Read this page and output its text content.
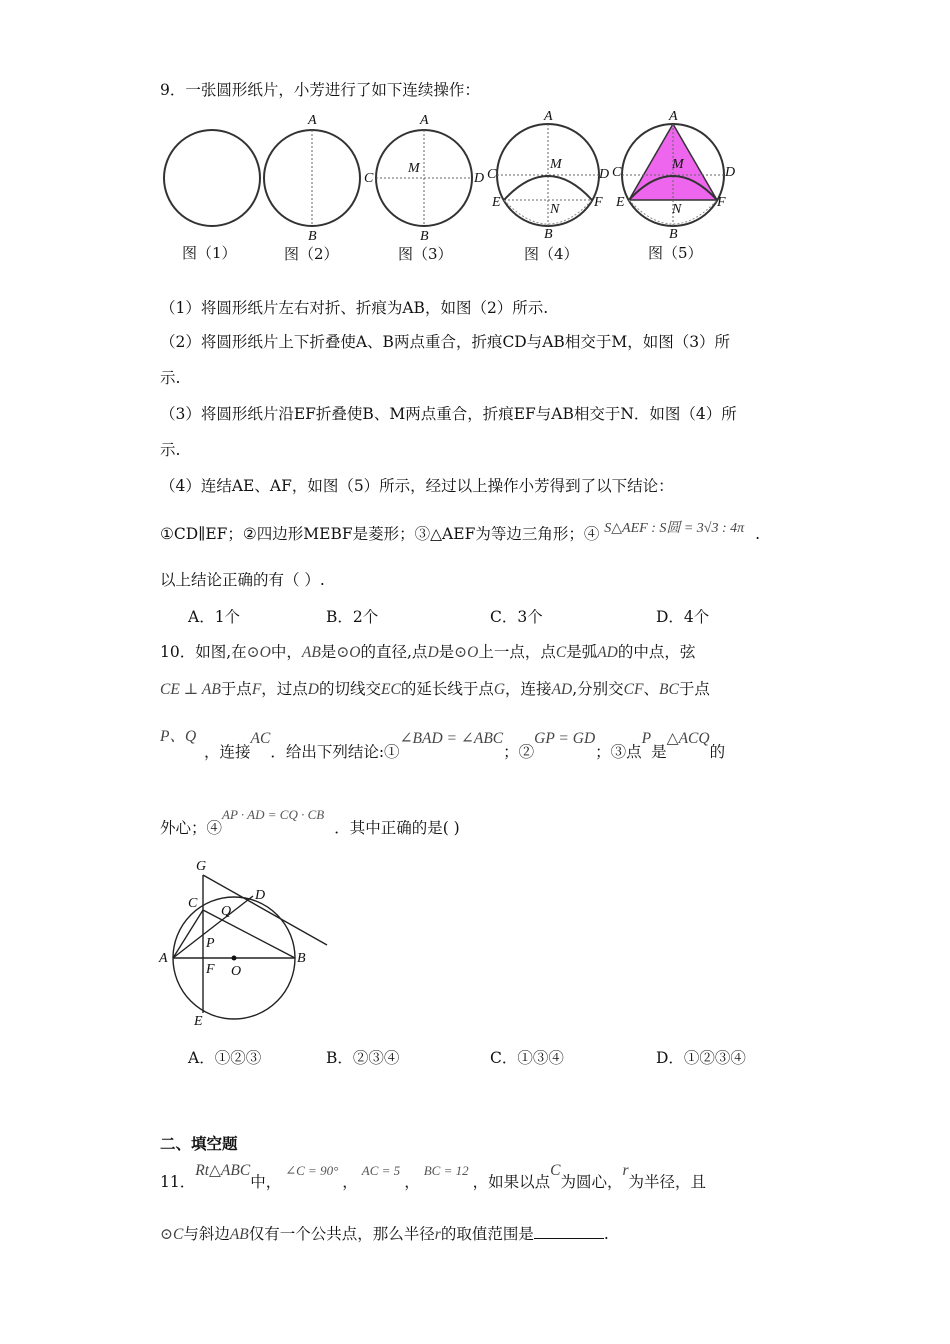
9．一张圆形纸片，小芳进行了如下连续操作：
A
B
A
M
C	D
B
A
M
C	D
E	N F
B
A
M
C	D
E	N	F
B
图（1）	图（2）	图（3）	图（4）	图（5）
（1）将圆形纸片左右对折、折痕为AB，如图（2）所示.
（2）将圆形纸片上下折叠使A、B两点重合，折痕CD与AB相交于M，如图（3）所
示.
（3）将圆形纸片沿EF折叠使B、M两点重合，折痕EF与AB相交于N．如图（4）所
示.
（4）连结AE、AF，如图（5）所示，经过以上操作小芳得到了以下结论：
①CD∥EF；②四边形MEBF是菱形；③△AEF为等边三角形；④ S△AEF : S圆 = 3√3 : 4π .
以上结论正确的有（ ）.
A．1个	B．2个	C．3个	D．4个
10．如图,在⊙O中，AB是⊙O的直径,点D是⊙O上一点，点C是弧AD的中点，弦
CE ⊥ AB于点F，过点D的切线交EC的延长线于点G，连接AD,分别交CF、BC于点
P、Q
，连接AC．给出下列结论:①∠BAD = ∠ABC；②GP = GD；③点P是△ACQ的
外心；④$^{AP \cdot AD = CQ \cdot CB}$．其中正确的是( )
G
D
C
Q
P
A
F O
B
E
A．①②③	B．②③④	C．①③④	D．①②③④
二、填空题
11．Rt△ABC中，$^{\angle C = 90^\circ}$，$^{AC = 5}$，$^{BC = 12}$，如果以点C为圆心，r为半径，且
⊙C与斜边AB仅有一个公共点，那么半径r的取值范围是	.
